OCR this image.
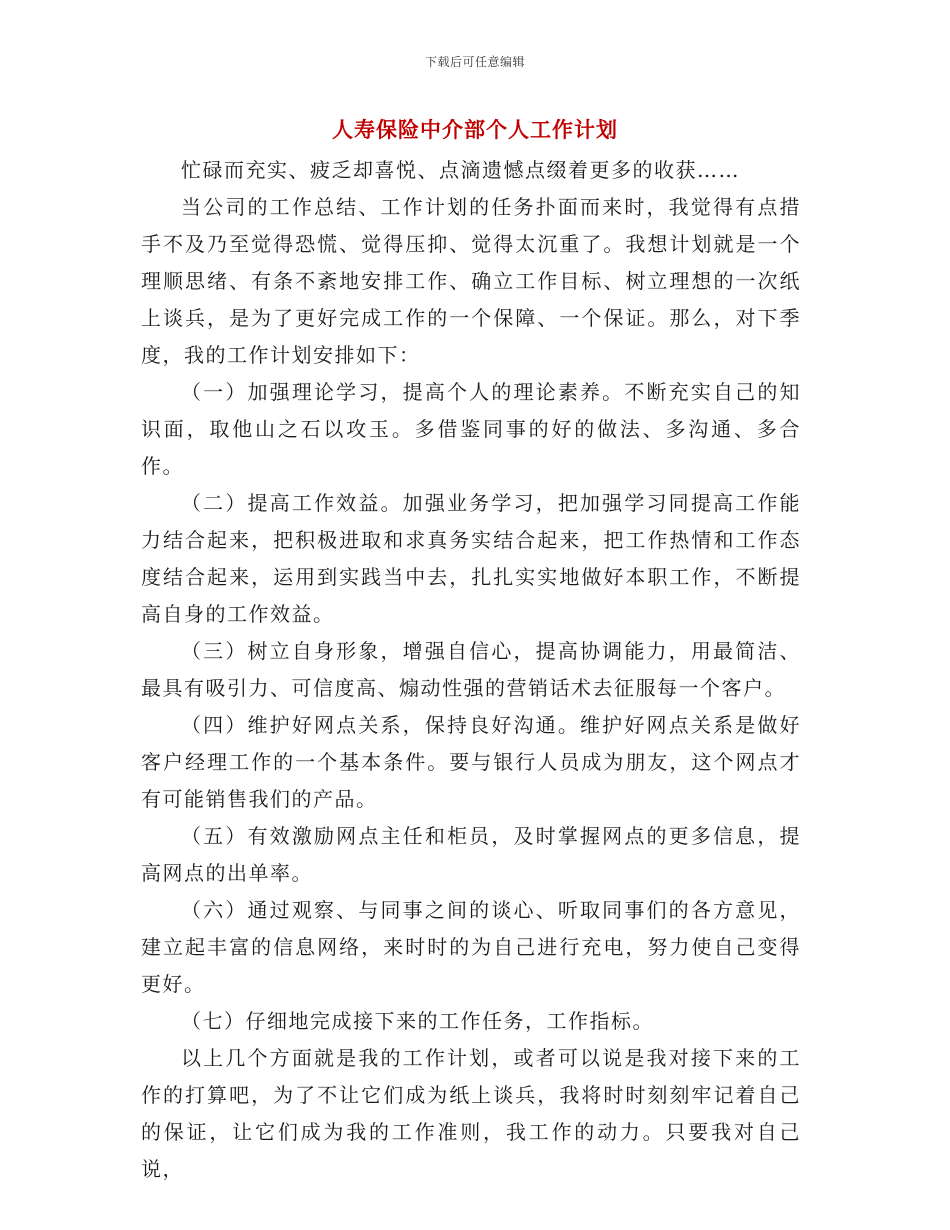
下载后可任意编辑
人寿保险中介部个人工作计划

忙碌而充实、疲乏却喜悦、点滴遗憾点缀着更多的收获……

当公司的工作总结、工作计划的任务扑面而来时，我觉得有点措手不及乃至觉得恐慌、觉得压抑、觉得太沉重了。我想计划就是一个理顺思绪、有条不紊地安排工作、确立工作目标、树立理想的一次纸上谈兵，是为了更好完成工作的一个保障、一个保证。那么，对下季度，我的工作计划安排如下：

（一）加强理论学习，提高个人的理论素养。不断充实自己的知识面，取他山之石以攻玉。多借鉴同事的好的做法、多沟通、多合作。

（二）提高工作效益。加强业务学习，把加强学习同提高工作能力结合起来，把积极进取和求真务实结合起来，把工作热情和工作态度结合起来，运用到实践当中去，扎扎实实地做好本职工作，不断提高自身的工作效益。

（三）树立自身形象，增强自信心，提高协调能力，用最简洁、最具有吸引力、可信度高、煽动性强的营销话术去征服每一个客户。

（四）维护好网点关系，保持良好沟通。维护好网点关系是做好客户经理工作的一个基本条件。要与银行人员成为朋友，这个网点才有可能销售我们的产品。

（五）有效激励网点主任和柜员，及时掌握网点的更多信息，提高网点的出单率。

（六）通过观察、与同事之间的谈心、听取同事们的各方意见，建立起丰富的信息网络，来时时的为自己进行充电，努力使自己变得更好。

（七）仔细地完成接下来的工作任务，工作指标。

以上几个方面就是我的工作计划，或者可以说是我对接下来的工作的打算吧，为了不让它们成为纸上谈兵，我将时时刻刻牢记着自己的保证，让它们成为我的工作准则，我工作的动力。只要我对自己说，
